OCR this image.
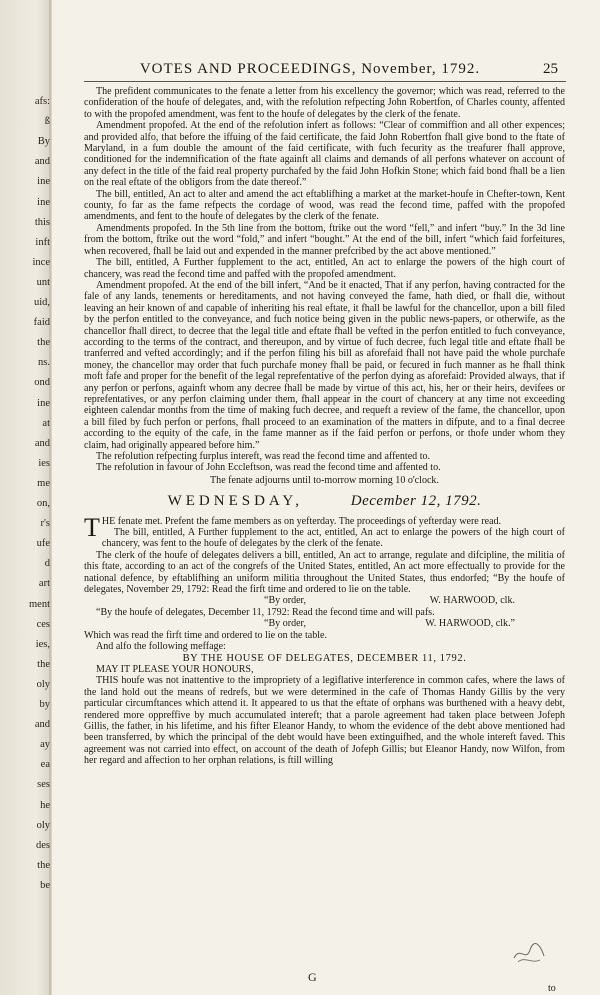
afs:
ß
By
and
ine
ine
this
inft
ince
unt
uid,
faid
the
ns.
ond
ine
at
and
ies
me
on,
r's
ufe
d
art
ment
ces
ies,
the
oly
by
and
ay
ea
ses
he
oly
des
the
be
VOTES AND PROCEEDINGS, November, 1792.	25

The prefident communicates to the fenate a letter from his excellency the governor; which was read, referred to the confideration of the houfe of delegates, and, with the refolution refpecting John Robertfon, of Charles county, affented to with the propofed amendment, was fent to the houfe of delegates by the clerk of the fenate.

Amendment propofed. At the end of the refolution infert as follows: “Clear of commiffion and all other expences; and provided alfo, that before the iffuing of the faid certificate, the faid John Robertfon fhall give bond to the ftate of Maryland, in a fum double the amount of the faid certificate, with fuch fecurity as the treafurer fhall approve, conditioned for the indemnification of the ftate againft all claims and demands of all perfons whatever on account of any defect in the title of the faid real property purchafed by the faid John Hofkin Stone; which faid bond fhall be a lien on the real eftate of the obligors from the date thereof.”

The bill, entitled, An act to alter and amend the act eftablifhing a market at the market-houfe in Chefter-town, Kent county, fo far as the fame refpects the cordage of wood, was read the fecond time, paffed with the propofed amendments, and fent to the houfe of delegates by the clerk of the fenate.

Amendments propofed. In the 5th line from the bottom, ftrike out the word “fell,” and infert “buy.” In the 3d line from the bottom, ftrike out the word “fold,” and infert “bought.” At the end of the bill, infert “which faid forfeitures, when recovered, fhall be laid out and expended in the manner prefcribed by the act above mentioned.”

The bill, entitled, A Further fupplement to the act, entitled, An act to enlarge the powers of the high court of chancery, was read the fecond time and paffed with the propofed amendment.

Amendment propofed. At the end of the bill infert, “And be it enacted, That if any perfon, having contracted for the fale of any lands, tenements or hereditaments, and not having conveyed the fame, hath died, or fhall die, without leaving an heir known of and capable of inheriting his real eftate, it fhall be lawful for the chancellor, upon a bill filed by the perfon entitled to the conveyance, and fuch notice being given in the public news-papers, or otherwife, as the chancellor fhall direct, to decree that the legal title and eftate fhall be vefted in the perfon entitled to fuch conveyance, according to the terms of the contract, and thereupon, and by virtue of fuch decree, fuch legal title and eftate fhall be tranferred and vefted accordingly; and if the perfon filing his bill as aforefaid fhall not have paid the whole purchafe money, the chancellor may order that fuch purchafe money fhall be paid, or fecured in fuch manner as he fhall think moft fafe and proper for the benefit of the legal reprefentative of the perfon dying as aforefaid: Provided always, that if any perfon or perfons, againft whom any decree fhall be made by virtue of this act, his, her or their heirs, devifees or reprefentatives, or any perfon claiming under them, fhall appear in the court of chancery at any time not exceeding eighteen calendar months from the time of making fuch decree, and requeft a review of the fame, the chancellor, upon a bill filed by fuch perfon or perfons, fhall proceed to an examination of the matters in difpute, and to a final decree according to the equity of the cafe, in the fame manner as if the faid perfon or perfons, or thofe under whom they claim, had originally appeared before him.”

The refolution refpecting furplus intereft, was read the fecond time and affented to.

The refolution in favour of John Eccleftson, was read the fecond time and affented to.

The fenate adjourns until to-morrow morning 10 o'clock.

WEDNESDAY,	December 12, 1792.

THE fenate met. Prefent the fame members as on yefterday. The proceedings of yefterday were read.

The bill, entitled, A Further fupplement to the act, entitled, An act to enlarge the powers of the high court of chancery, was fent to the houfe of delegates by the clerk of the fenate.

The clerk of the houfe of delegates delivers a bill, entitled, An act to arrange, regulate and difcipline, the militia of this ftate, according to an act of the congrefs of the United States, entitled, An act more effectually to provide for the national defence, by eftablifhing an uniform militia throughout the United States, thus endorfed; “By the houfe of delegates, November 29, 1792: Read the firft time and ordered to lie on the table.

“By order,	W. HARWOOD, clk.

“By the houfe of delegates, December 11, 1792: Read the fecond time and will pafs.

“By order,	W. HARWOOD, clk.”

Which was read the firft time and ordered to lie on the table.

And alfo the following meffage:

BY THE HOUSE OF DELEGATES, DECEMBER 11, 1792.

MAY IT PLEASE YOUR HONOURS,

THIS houfe was not inattentive to the impropriety of a legiflative interference in common cafes, where the laws of the land hold out the means of redrefs, but we were determined in the cafe of Thomas Handy Gillis by the very particular circumftances which attend it. It appeared to us that the eftate of orphans was burthened with a heavy debt, rendered more oppreffive by much accumulated intereft; that a parole agreement had taken place between Jofeph Gillis, the father, in his lifetime, and his fifter Eleanor Handy, to whom the evidence of the debt above mentioned had been transferred, by which the principal of the debt would have been extinguifhed, and the whole intereft faved. This agreement was not carried into effect, on account of the death of Jofeph Gillis; but Eleanor Handy, now Wilfon, from her regard and affection to her orphan relations, is ftill willing

G
to
